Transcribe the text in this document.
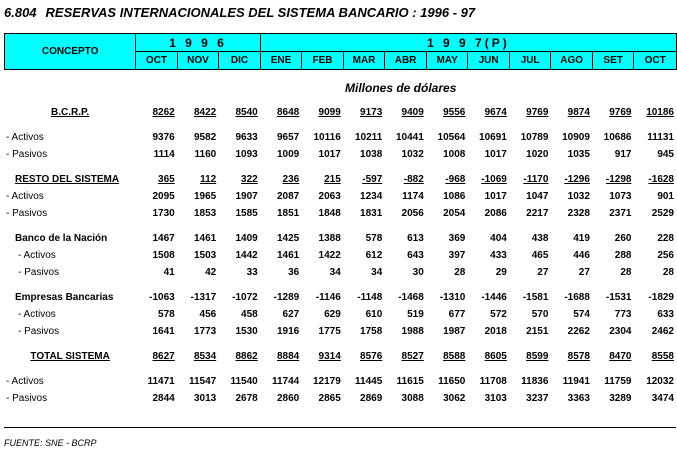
6.804 RESERVAS INTERNACIONALES DEL SISTEMA BANCARIO : 1996 - 97
CONCEPTO	1 9 9 6			1 9 9 7(P)									
	OCT	NOV	DIC	ENE	FEB	MAR	ABR	MAY	JUN	JUL	AGO	SET	OCT
Millones de dólares
B.C.R.P.	8262	8422	8540	8648	9099	9173	9409	9556	9674	9769	9874	9769	10186

- Activos	9376	9582	9633	9657	10116	10211	10441	10564	10691	10789	10909	10686	11131
- Pasivos	1114	1160	1093	1009	1017	1038	1032	1008	1017	1020	1035	917	945

RESTO DEL SISTEMA	365	112	322	236	215	-597	-882	-968	-1069	-1170	-1296	-1298	-1628
- Activos	2095	1965	1907	2087	2063	1234	1174	1086	1017	1047	1032	1073	901
- Pasivos	1730	1853	1585	1851	1848	1831	2056	2054	2086	2217	2328	2371	2529

Banco de la Nación	1467	1461	1409	1425	1388	578	613	369	404	438	419	260	228
- Activos	1508	1503	1442	1461	1422	612	643	397	433	465	446	288	256
- Pasivos	41	42	33	36	34	34	30	28	29	27	27	28	28

Empresas Bancarias	-1063	-1317	-1072	-1289	-1146	-1148	-1468	-1310	-1446	-1581	-1688	-1531	-1829
- Activos	578	456	458	627	629	610	519	677	572	570	574	773	633
- Pasivos	1641	1773	1530	1916	1775	1758	1988	1987	2018	2151	2262	2304	2462

TOTAL SISTEMA	8627	8534	8862	8884	9314	8576	8527	8588	8605	8599	8578	8470	8558

- Activos	11471	11547	11540	11744	12179	11445	11615	11650	11708	11836	11941	11759	12032
- Pasivos	2844	3013	2678	2860	2865	2869	3088	3062	3103	3237	3363	3289	3474
FUENTE: SNE - BCRP
